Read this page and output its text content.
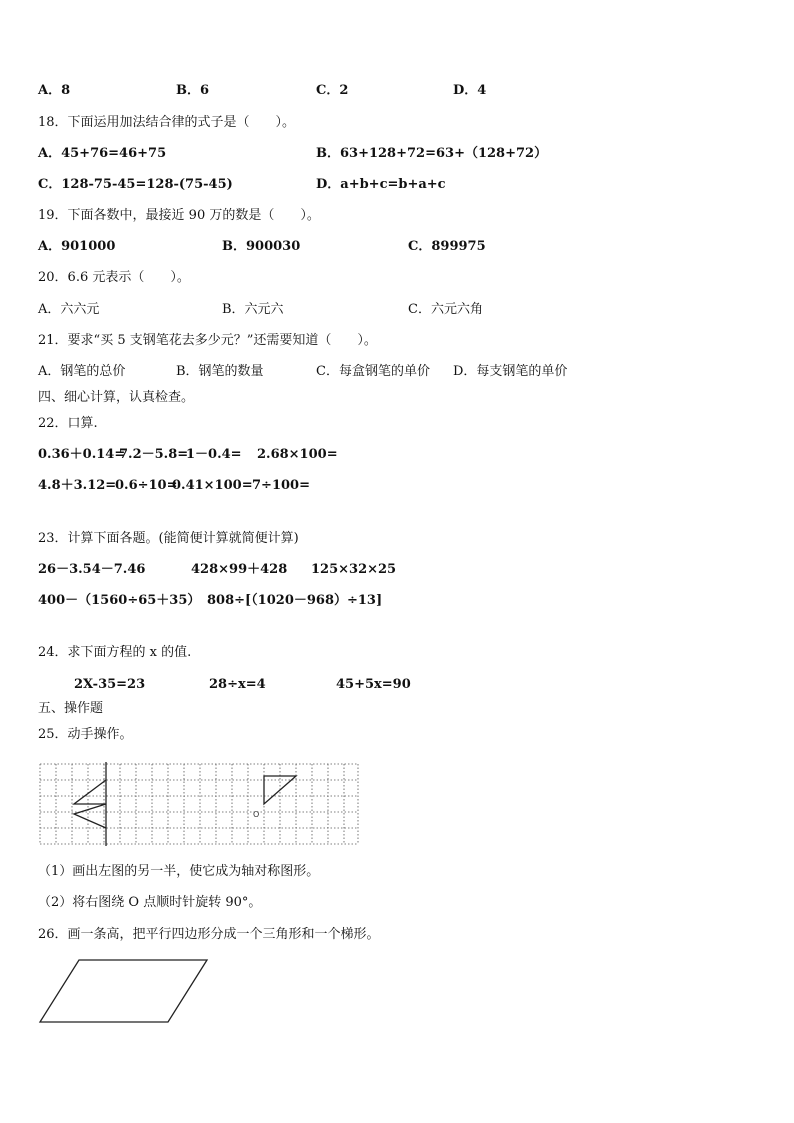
A．8	B．6	C．2	D．4
18．下面运用加法结合律的式子是（　　）。
A．45+76=46+75	B．63+128+72=63+（128+72）
C．128-75-45=128-(75-45)	D．a+b+c=b+a+c
19．下面各数中，最接近 90 万的数是（　　）。
A．901000	B．900030	C．899975
20．6.6 元表示（　　）。
A．六六元	B．六元六	C．六元六角
21．要求“买 5 支钢笔花去多少元？”还需要知道（　　）。
A．钢笔的总价	B．钢笔的数量	C．每盒钢笔的单价 D．每支钢笔的单价
四、细心计算，认真检查。
22．口算.
0.36＋0.14=
7.2－5.8=
1－0.4= 2.68×100=
4.8＋3.12=
0.6÷10=
0.41×100= 7÷100=
23．计算下面各题。(能简便计算就简便计算)
26－3.54－7.46	428×99＋428 125×32×25
400－（1560÷65＋35） 808÷[（1020－968）÷13]
24．求下面方程的 x 的值.
2X-35=23	28÷x=4	45+5x=90
五、操作题
25．动手操作。
O
（1）画出左图的另一半，使它成为轴对称图形。
（2）将右图绕 O 点顺时针旋转 90°。
26．画一条高，把平行四边形分成一个三角形和一个梯形。
